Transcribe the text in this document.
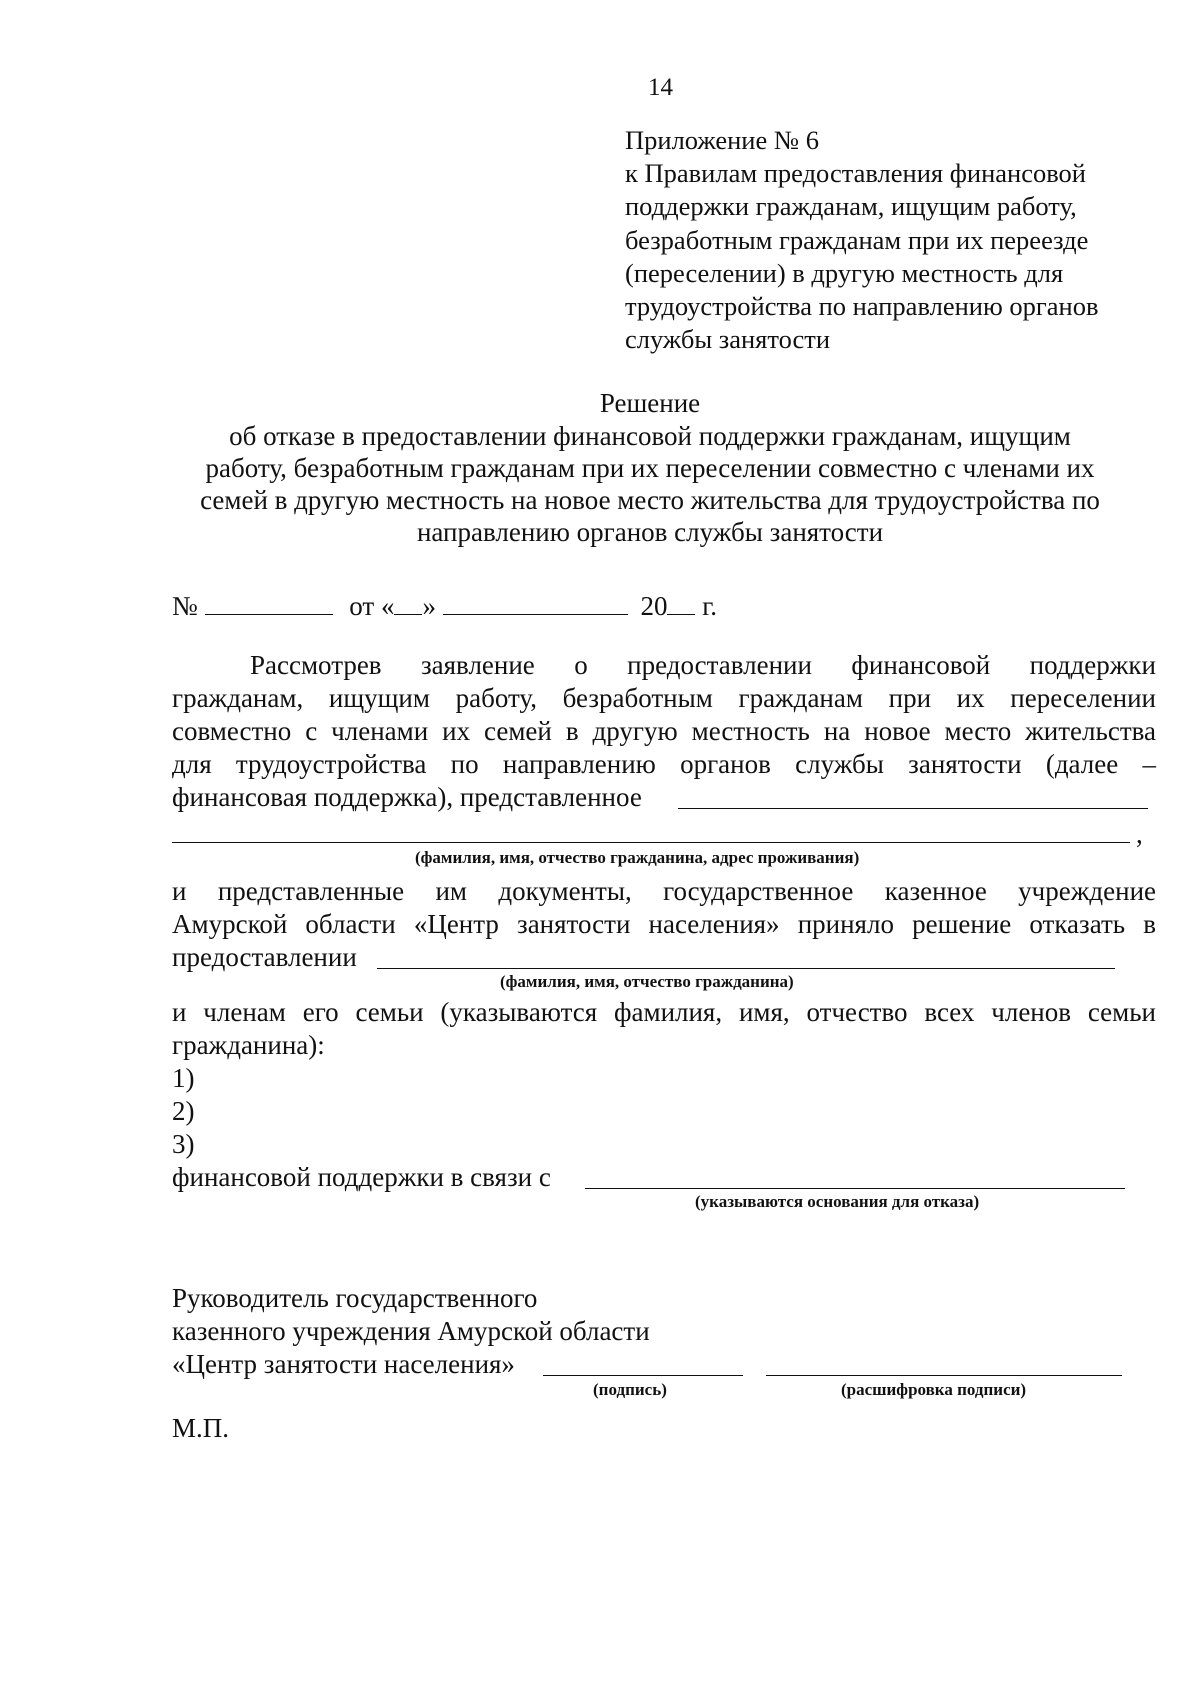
14
Приложение № 6
к Правилам предоставления финансовой
поддержки гражданам, ищущим работу,
безработным гражданам при их переезде
(переселении) в другую местность для
трудоустройства по направлению органов
службы занятости
Решение
об отказе в предоставлении финансовой поддержки гражданам, ищущим
работу, безработным гражданам при их переселении совместно с членами их
семей в другую местность на новое место жительства для трудоустройства по
направлению органов службы занятости
№	от « »	20 г.
Рассмотрев заявление о предоставлении финансовой поддержки
гражданам, ищущим работу, безработным гражданам при их переселении
совместно с членами их семей в другую местность на новое место жительства
для трудоустройства по направлению органов службы занятости (далее –
финансовая поддержка), представленное
,
(фамилия, имя, отчество гражданина, адрес проживания)
и представленные им документы, государственное казенное учреждение
Амурской области «Центр занятости населения» приняло решение отказать в
предоставлении
(фамилия, имя, отчество гражданина)
и членам его семьи (указываются фамилия, имя, отчество всех членов семьи
гражданина):
1)
2)
3)
финансовой поддержки в связи с
(указываются основания для отказа)
Руководитель государственного
казенного учреждения Амурской области
«Центр занятости населения»
(подпись)	(расшифровка подписи)
М.П.
